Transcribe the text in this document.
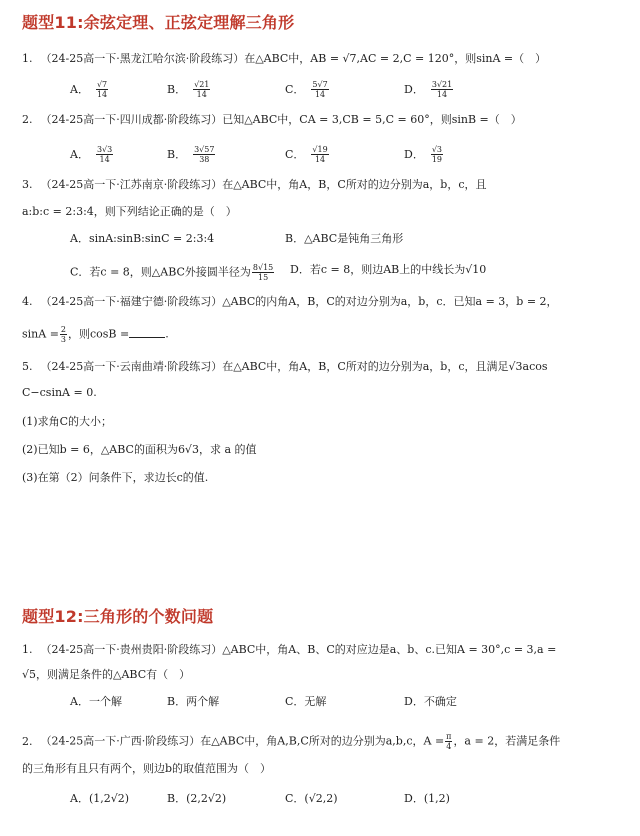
题型11:余弦定理、正弦定理解三角形
1. （24-25高一下·黑龙江哈尔滨·阶段练习）在△ABC中，AB = √7,AC = 2,C = 120°，则sinA =（　）
A． $\frac{√7}{14}$	B． $\frac{√21}{14}$	C． $\frac{5√7}{14}$	D． $\frac{3√21}{14}$
2. （24-25高一下·四川成都·阶段练习）已知△ABC中，CA = 3,CB = 5,C = 60°，则sinB =（　）
A． $\frac{3√3}{14}$	B． $\frac{3√57}{38}$	C． $\frac{√19}{14}$	D． $\frac{√3}{19}$
3. （24-25高一下·江苏南京·阶段练习）在△ABC中，角A，B，C所对的边分别为a，b，c，且
a:b:c = 2:3:4，则下列结论正确的是（　）
A．sinA:sinB:sinC = 2:3:4	B．△ABC是钝角三角形
C．若c = 8，则△ABC外接圆半径为 $\frac{8√15}{15}$ D．若c = 8，则边AB上的中线长为√10
4. （24-25高一下·福建宁德·阶段练习）△ABC的内角A，B，C的对边分别为a，b，c．已知a = 3，b = 2，
$\sin A = \frac{2}{3}$ ，则cosB =	.
5. （24-25高一下·云南曲靖·阶段练习）在△ABC中，角A，B，C所对的边分别为a，b，c，且满足√3acos
C−csinA = 0.
(1)求角C的大小；
(2)已知b = 6，△ABC的面积为6√3，求 a 的值
(3)在第（2）问条件下，求边长c的值.
题型12:三角形的个数问题
1. （24-25高一下·贵州贵阳·阶段练习）△ABC中，角A、B、C的对应边是a、b、c.已知A = 30°,c = 3,a =
√5，则满足条件的△ABC有（　）
A．一个解	B．两个解	C．无解	D．不确定
2. （24-25高一下·广西·阶段练习）在△ABC中，角A,B,C所对的边分别为a,b,c，$A = \frac{\pi}{4}$ ，a = 2，若满足条件
的三角形有且只有两个，则边b的取值范围为（　）
A．(1,2√2)	B．(2,2√2)	C．(√2,2)	D．(1,2)
